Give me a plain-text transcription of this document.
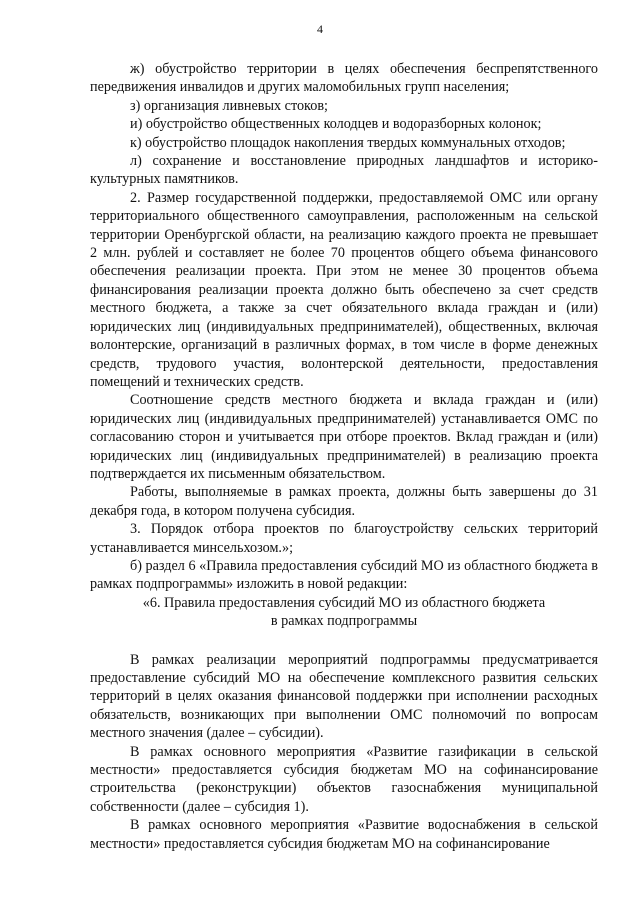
4

ж) обустройство территории в целях обеспечения беспрепятственного передвижения инвалидов и других маломобильных групп населения;

з) организация ливневых стоков;

и) обустройство общественных колодцев и водоразборных колонок;

к) обустройство площадок накопления твердых коммунальных отходов;

л) сохранение и восстановление природных ландшафтов и историко-культурных памятников.

2. Размер государственной поддержки, предоставляемой ОМС или органу территориального общественного самоуправления, расположенным на сельской территории Оренбургской области, на реализацию каждого проекта не превышает 2 млн. рублей и составляет не более 70 процентов общего объема финансового обеспечения реализации проекта. При этом не менее 30 процентов объема финансирования реализации проекта должно быть обеспечено за счет средств местного бюджета, а также за счет обязательного вклада граждан и (или) юридических лиц (индивидуальных предпринимателей), общественных, включая волонтерские, организаций в различных формах, в том числе в форме денежных средств, трудового участия, волонтерской деятельности, предоставления помещений и технических средств.

Соотношение средств местного бюджета и вклада граждан и (или) юридических лиц (индивидуальных предпринимателей) устанавливается ОМС по согласованию сторон и учитывается при отборе проектов. Вклад граждан и (или) юридических лиц (индивидуальных предпринимателей) в реализацию проекта подтверждается их письменным обязательством.

Работы, выполняемые в рамках проекта, должны быть завершены до 31 декабря года, в котором получена субсидия.

3. Порядок отбора проектов по благоустройству сельских территорий устанавливается минсельхозом.»;

б) раздел 6 «Правила предоставления субсидий МО из областного бюджета в рамках подпрограммы» изложить в новой редакции:

«6. Правила предоставления субсидий МО из областного бюджета

в рамках подпрограммы

В рамках реализации мероприятий подпрограммы предусматривается предоставление субсидий МО на обеспечение комплексного развития сельских территорий в целях оказания финансовой поддержки при исполнении расходных обязательств, возникающих при выполнении ОМС полномочий по вопросам местного значения (далее – субсидии).

В рамках основного мероприятия «Развитие газификации в сельской местности» предоставляется субсидия бюджетам МО на софинансирование строительства (реконструкции) объектов газоснабжения муниципальной собственности (далее – субсидия 1).

В рамках основного мероприятия «Развитие водоснабжения в сельской местности» предоставляется субсидия бюджетам МО на софинансирование
